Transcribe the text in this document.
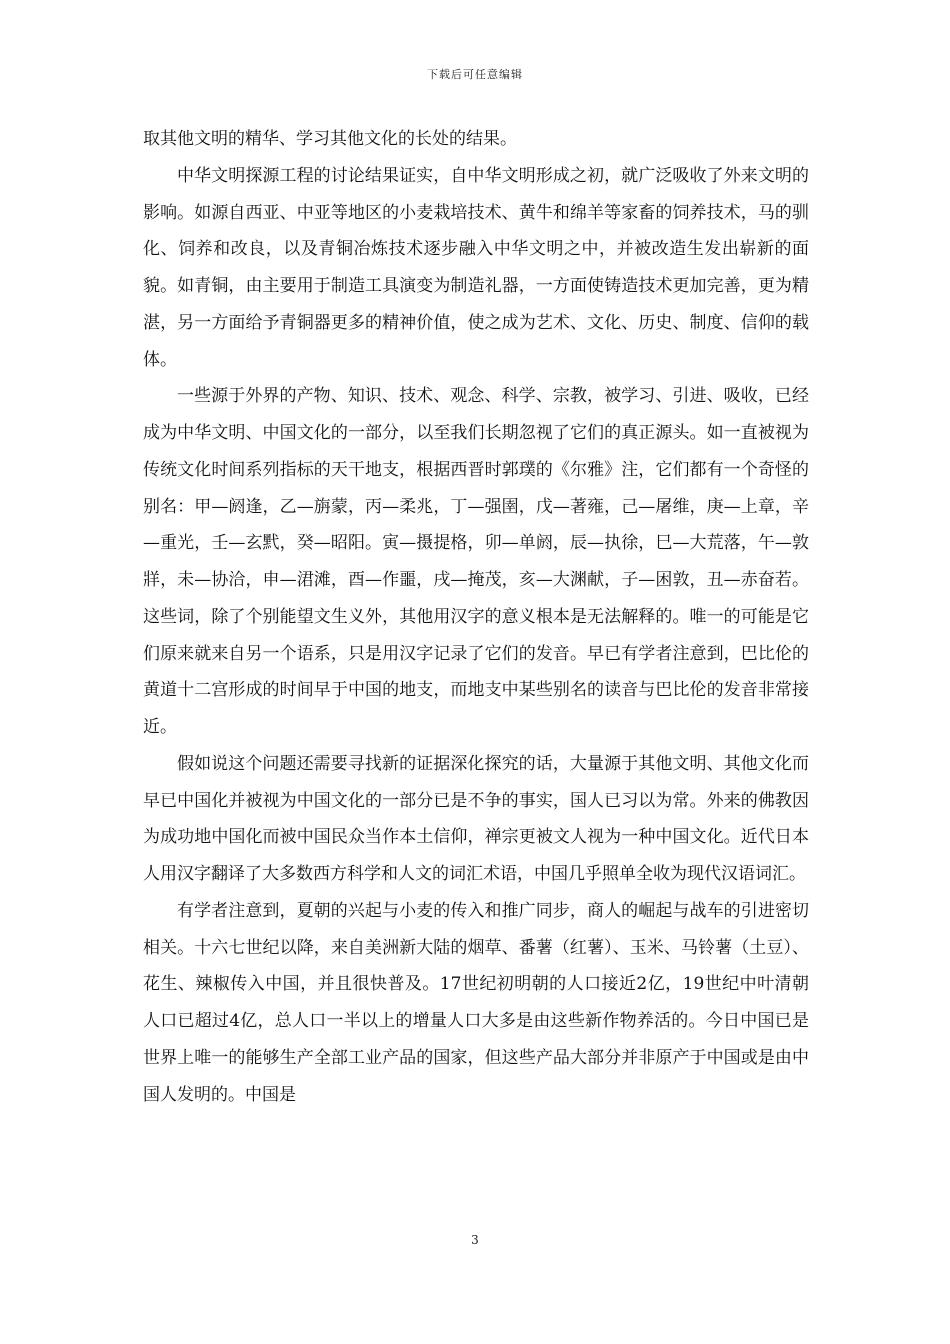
下载后可任意编辑

取其他文明的精华、学习其他文化的长处的结果。

中华文明探源工程的讨论结果证实，自中华文明形成之初，就广泛吸收了外来文明的影响。如源自西亚、中亚等地区的小麦栽培技术、黄牛和绵羊等家畜的饲养技术，马的驯化、饲养和改良，以及青铜冶炼技术逐步融入中华文明之中，并被改造生发出崭新的面貌。如青铜，由主要用于制造工具演变为制造礼器，一方面使铸造技术更加完善，更为精湛，另一方面给予青铜器更多的精神价值，使之成为艺术、文化、历史、制度、信仰的载体。

一些源于外界的产物、知识、技术、观念、科学、宗教，被学习、引进、吸收，已经成为中华文明、中国文化的一部分，以至我们长期忽视了它们的真正源头。如一直被视为传统文化时间系列指标的天干地支，根据西晋时郭璞的《尔雅》注，它们都有一个奇怪的别名：甲—阏逢，乙—旃蒙，丙—柔兆，丁—强圉，戊—著雍，己—屠维，庚—上章，辛—重光，壬—玄黓，癸—昭阳。寅—摄提格，卯—单阏，辰—执徐，巳—大荒落，午—敦牂，未—协洽，申—涒滩，酉—作噩，戌—掩茂，亥—大渊献，子—困敦，丑—赤奋若。这些词，除了个别能望文生义外，其他用汉字的意义根本是无法解释的。唯一的可能是它们原来就来自另一个语系，只是用汉字记录了它们的发音。早已有学者注意到，巴比伦的黄道十二宫形成的时间早于中国的地支，而地支中某些别名的读音与巴比伦的发音非常接近。

假如说这个问题还需要寻找新的证据深化探究的话，大量源于其他文明、其他文化而早已中国化并被视为中国文化的一部分已是不争的事实，国人已习以为常。外来的佛教因为成功地中国化而被中国民众当作本土信仰，禅宗更被文人视为一种中国文化。近代日本人用汉字翻译了大多数西方科学和人文的词汇术语，中国几乎照单全收为现代汉语词汇。

有学者注意到，夏朝的兴起与小麦的传入和推广同步，商人的崛起与战车的引进密切相关。十六七世纪以降，来自美洲新大陆的烟草、番薯（红薯）、玉米、马铃薯（土豆）、花生、辣椒传入中国，并且很快普及。17世纪初明朝的人口接近2亿，19世纪中叶清朝人口已超过4亿，总人口一半以上的增量人口大多是由这些新作物养活的。今日中国已是世界上唯一的能够生产全部工业产品的国家，但这些产品大部分并非原产于中国或是由中国人发明的。中国是

3
